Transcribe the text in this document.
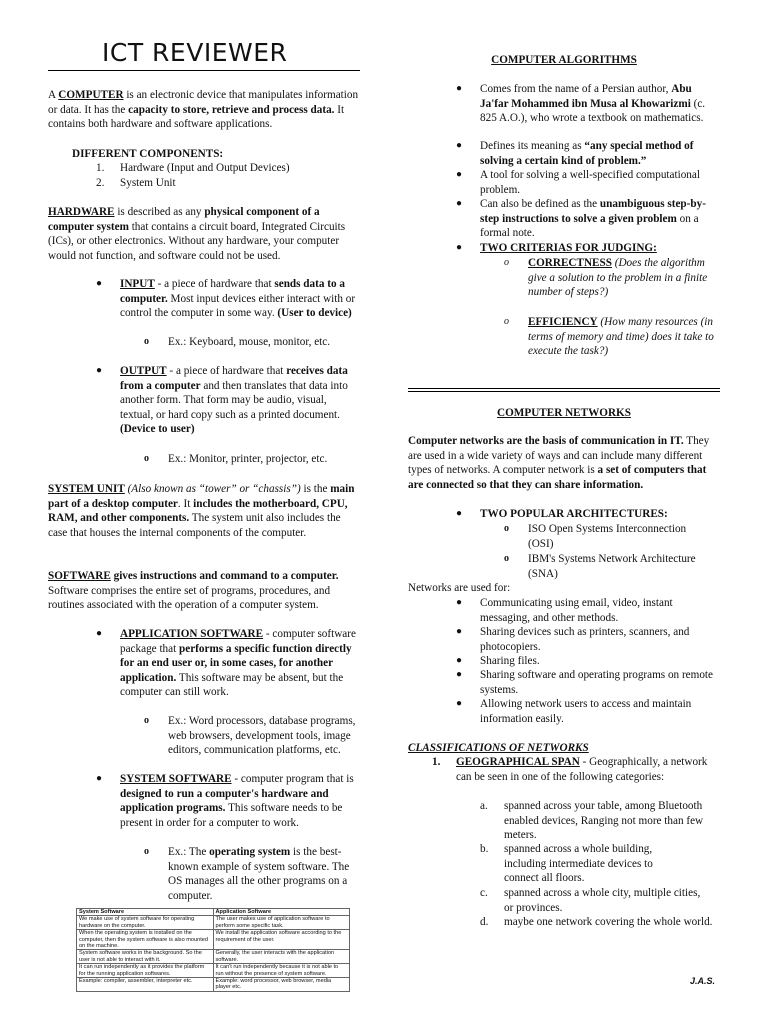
ICT REVIEWER

A COMPUTER is an electronic device that manipulates information or data. It has the capacity to store, retrieve and process data. It contains both hardware and software applications.

DIFFERENT COMPONENTS:
1. Hardware (Input and Output Devices)
2. System Unit

HARDWARE is described as any physical component of a computer system that contains a circuit board, Integrated Circuits (ICs), or other electronics. Without any hardware, your computer would not function, and software could not be used.

● INPUT - a piece of hardware that sends data to a computer. Most input devices either interact with or control the computer in some way. (User to device)

o Ex.: Keyboard, mouse, monitor, etc.

● OUTPUT - a piece of hardware that receives data from a computer and then translates that data into another form. That form may be audio, visual, textual, or hard copy such as a printed document. (Device to user)

o Ex.: Monitor, printer, projector, etc.

SYSTEM UNIT (Also known as “tower” or “chassis”) is the main part of a desktop computer. It includes the motherboard, CPU, RAM, and other components. The system unit also includes the case that houses the internal components of the computer.

SOFTWARE gives instructions and command to a computer. Software comprises the entire set of programs, procedures, and routines associated with the operation of a computer system.

● APPLICATION SOFTWARE - computer software package that performs a specific function directly for an end user or, in some cases, for another application. This software may be absent, but the computer can still work.

o Ex.: Word processors, database programs, web browsers, development tools, image editors, communication platforms, etc.

● SYSTEM SOFTWARE - computer program that is designed to run a computer's hardware and application programs. This software needs to be present in order for a computer to work.

o Ex.: The operating system is the best-known example of system software. The OS manages all the other programs on a computer.

System Software	Application Software
We make use of system software for operating hardware on the computer.	The user makes use of application software to perform some specific task.
When the operating system is installed on the computer, then the system software is also mounted on the machine.	We install the application software according to the requirement of the user.
System software works in the background. So the user is not able to interact with it.	Generally, the user interacts with the application software.
It can run independently as it provides the platform for the running application softwares.	It can't run independently because it is not able to run without the presence of system software.
Example: compiler, assembler, interpreter etc.	Example: word processor, web browser, media player etc.
COMPUTER ALGORITHMS
● Comes from the name of a Persian author, Abu Ja'far Mohammed ibn Musa al Khowarizmi (c. 825 A.O.), who wrote a textbook on mathematics.

● Defines its meaning as “any special method of solving a certain kind of problem.”

● A tool for solving a well-specified computational problem.

● Can also be defined as the unambiguous step-by-step instructions to solve a given problem on a formal note.

● TWO CRITERIAS FOR JUDGING:

o CORRECTNESS (Does the algorithm give a solution to the problem in a finite number of steps?)

o EFFICIENCY (How many resources (in terms of memory and time) does it take to execute the task?)

COMPUTER NETWORKS

Computer networks are the basis of communication in IT. They are used in a wide variety of ways and can include many different types of networks. A computer network is a set of computers that are connected so that they can share information.

● TWO POPULAR ARCHITECTURES:

o ISO Open Systems Interconnection (OSI)

o IBM's Systems Network Architecture (SNA)

Networks are used for:

● Communicating using email, video, instant messaging, and other methods.

● Sharing devices such as printers, scanners, and photocopiers.

● Sharing files.

● Sharing software and operating programs on remote systems.

● Allowing network users to access and maintain information easily.

CLASSIFICATIONS OF NETWORKS

1. GEOGRAPHICAL SPAN - Geographically, a network can be seen in one of the following categories:

a. spanned across your table, among Bluetooth enabled devices, Ranging not more than few meters.

b. spanned across a whole building, including intermediate devices to connect all floors.

c. spanned across a whole city, multiple cities, or provinces.

d. maybe one network covering the whole world.

J.A.S.
